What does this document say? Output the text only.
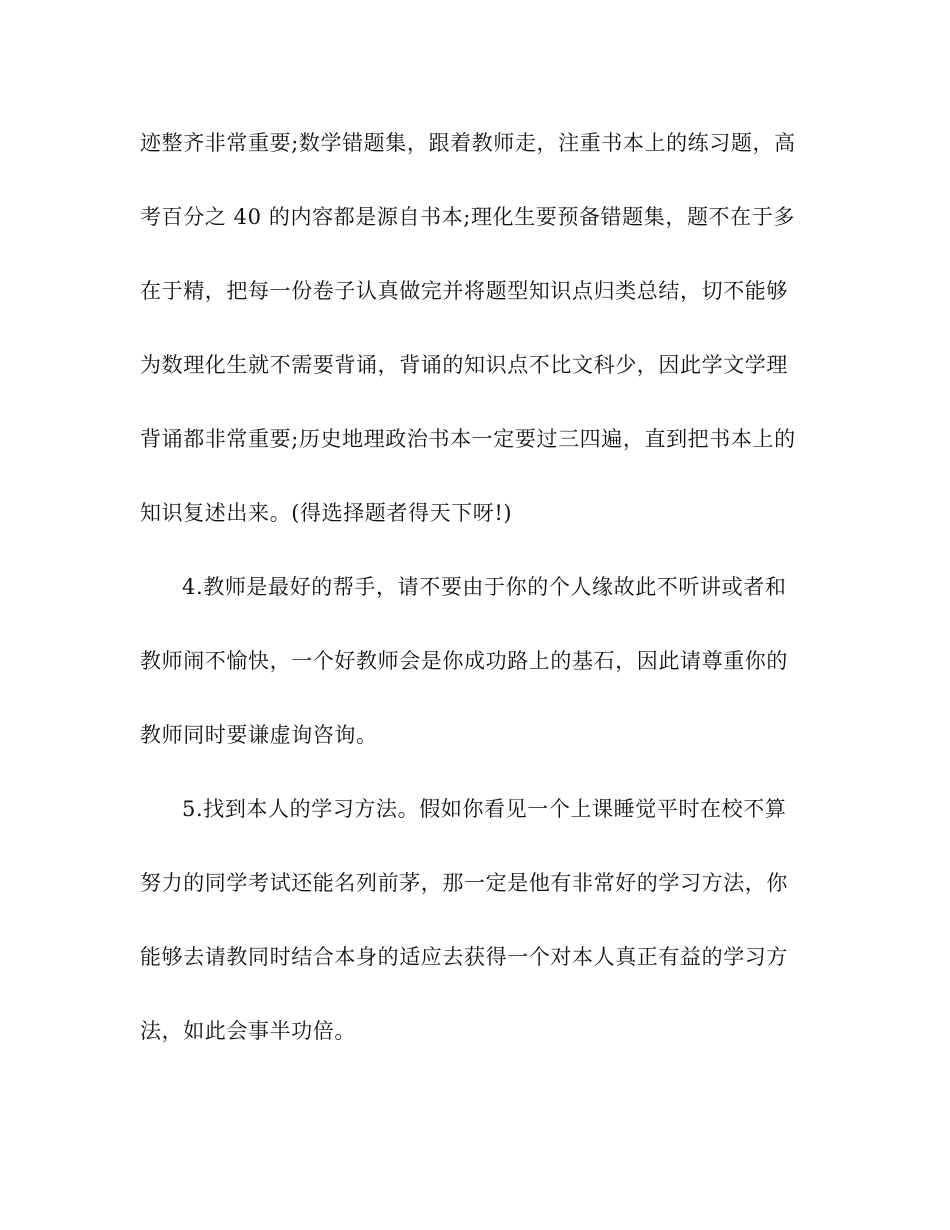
迹整齐非常重要;数学错题集，跟着教师走，注重书本上的练习题，高
考百分之 40 的内容都是源自书本;理化生要预备错题集，题不在于多
在于精，把每一份卷子认真做完并将题型知识点归类总结，切不能够
为数理化生就不需要背诵，背诵的知识点不比文科少，因此学文学理
背诵都非常重要;历史地理政治书本一定要过三四遍，直到把书本上的
知识复述出来。(得选择题者得天下呀!)
4.教师是最好的帮手，请不要由于你的个人缘故此不听讲或者和
教师闹不愉快，一个好教师会是你成功路上的基石，因此请尊重你的
教师同时要谦虚询咨询。
5.找到本人的学习方法。假如你看见一个上课睡觉平时在校不算
努力的同学考试还能名列前茅，那一定是他有非常好的学习方法，你
能够去请教同时结合本身的适应去获得一个对本人真正有益的学习方
法，如此会事半功倍。
